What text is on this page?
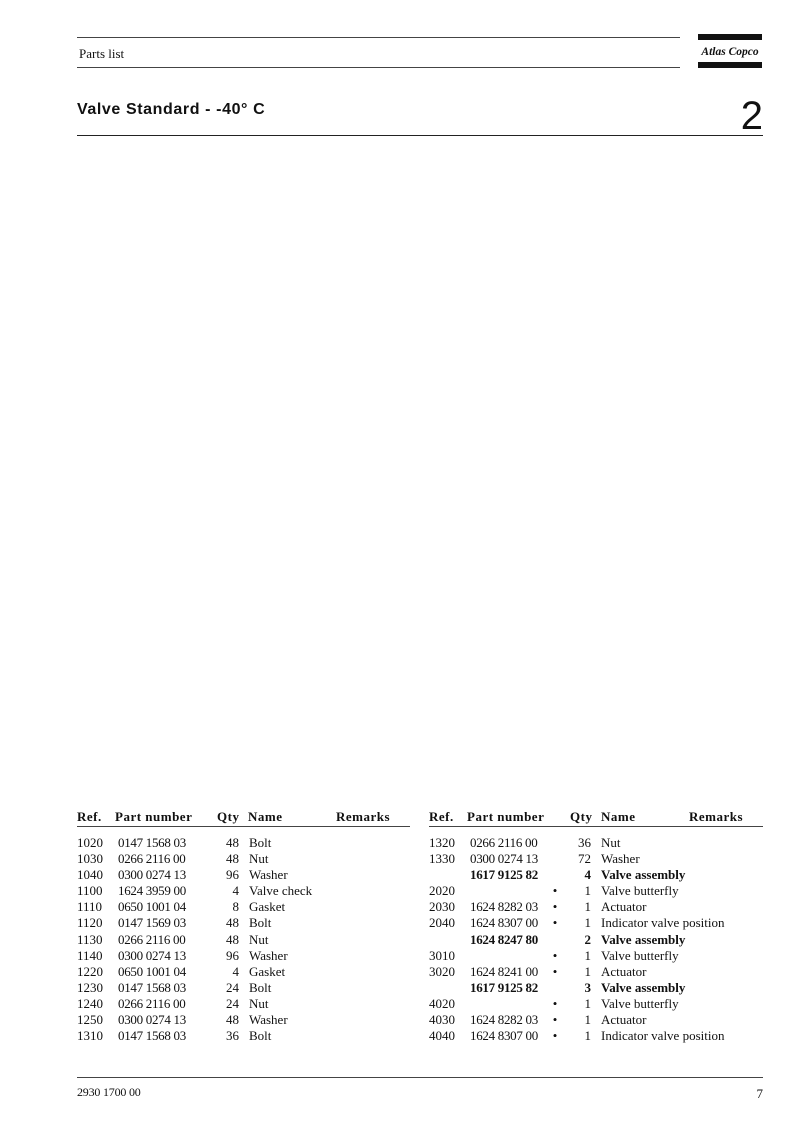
Parts list	Atlas Copco
Valve Standard - -40° C	2
Ref. Part number Qty Name	Remarks	Ref. Part number Qty Name	Remarks
1020 0147 1568 03	48 Bolt
1030 0266 2116 00	48 Nut
1040 0300 0274 13	96 Washer
1100 1624 3959 00	4 Valve check
1110 0650 1001 04	8 Gasket
1120 0147 1569 03	48 Bolt
1130 0266 2116 00	48 Nut
1140 0300 0274 13	96 Washer
1220 0650 1001 04	4 Gasket
1230 0147 1568 03	24 Bolt
1240 0266 2116 00	24 Nut
1250 0300 0274 13	48 Washer
1310 0147 1568 03	36 Bolt
1320 0266 2116 00	36 Nut
1330 0300 0274 13	72 Washer
1617 9125 82	4 Valve assembly
2020	•	1 Valve butterfly
2030 1624 8282 03 •	1 Actuator
2040 1624 8307 00 •	1 Indicator valve position
1624 8247 80	2 Valve assembly
3010	•	1 Valve butterfly
3020 1624 8241 00 •	1 Actuator
1617 9125 82	3 Valve assembly
4020	•	1 Valve butterfly
4030 1624 8282 03 •	1 Actuator
4040 1624 8307 00 •	1 Indicator valve position
2930 1700 00	7
